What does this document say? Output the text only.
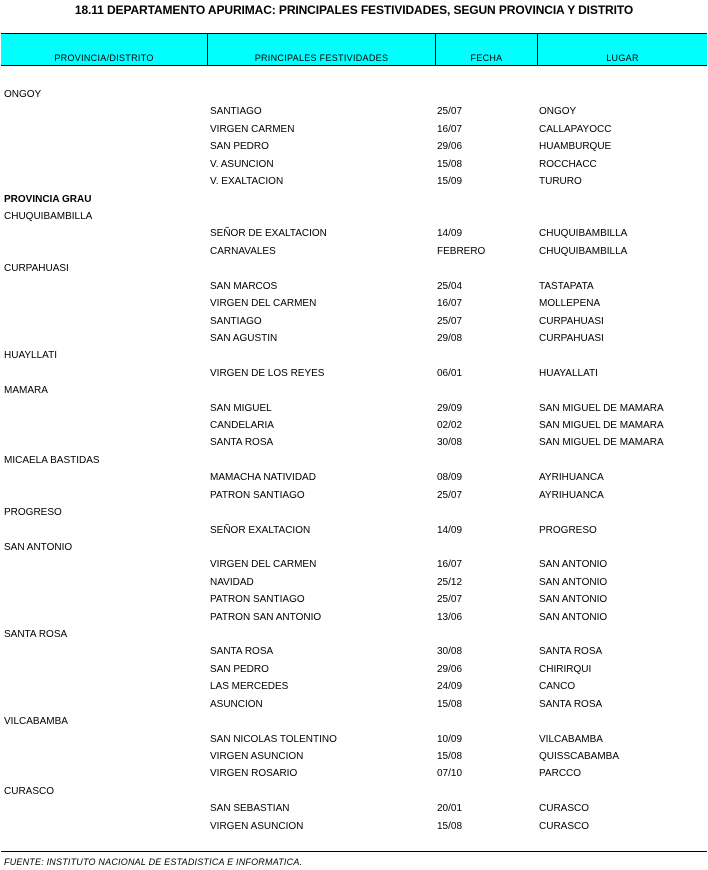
18.11 DEPARTAMENTO APURIMAC: PRINCIPALES FESTIVIDADES, SEGUN PROVINCIA Y DISTRITO
PROVINCIA/DISTRITO	PRINCIPALES FESTIVIDADES	FECHA	LUGAR
ONGOY
SANTIAGO	25/07	ONGOY
VIRGEN CARMEN	16/07	CALLAPAYOCC
SAN PEDRO	29/06	HUAMBURQUE
V. ASUNCION	15/08	ROCCHACC
V. EXALTACION	15/09	TURURO
PROVINCIA GRAU
CHUQUIBAMBILLA
SEÑOR DE EXALTACION	14/09	CHUQUIBAMBILLA
CARNAVALES	FEBRERO	CHUQUIBAMBILLA
CURPAHUASI
SAN MARCOS	25/04	TASTAPATA
VIRGEN DEL CARMEN	16/07	MOLLEPENA
SANTIAGO	25/07	CURPAHUASI
SAN AGUSTIN	29/08	CURPAHUASI
HUAYLLATI
VIRGEN DE LOS REYES	06/01	HUAYALLATI
MAMARA
SAN MIGUEL	29/09	SAN MIGUEL DE MAMARA
CANDELARIA	02/02	SAN MIGUEL DE MAMARA
SANTA ROSA	30/08	SAN MIGUEL DE MAMARA
MICAELA BASTIDAS
MAMACHA NATIVIDAD	08/09	AYRIHUANCA
PATRON SANTIAGO	25/07	AYRIHUANCA
PROGRESO
SEÑOR EXALTACION	14/09	PROGRESO
SAN ANTONIO
VIRGEN DEL CARMEN	16/07	SAN ANTONIO
NAVIDAD	25/12	SAN ANTONIO
PATRON SANTIAGO	25/07	SAN ANTONIO
PATRON SAN ANTONIO	13/06	SAN ANTONIO
SANTA ROSA
SANTA ROSA	30/08	SANTA ROSA
SAN PEDRO	29/06	CHIRIRQUI
LAS MERCEDES	24/09	CANCO
ASUNCION	15/08	SANTA ROSA
VILCABAMBA
SAN NICOLAS TOLENTINO	10/09	VILCABAMBA
VIRGEN ASUNCION	15/08	QUISSCABAMBA
VIRGEN ROSARIO	07/10	PARCCO
CURASCO
SAN SEBASTIAN	20/01	CURASCO
VIRGEN ASUNCION	15/08	CURASCO
FUENTE: INSTITUTO NACIONAL DE ESTADISTICA E INFORMATICA.
